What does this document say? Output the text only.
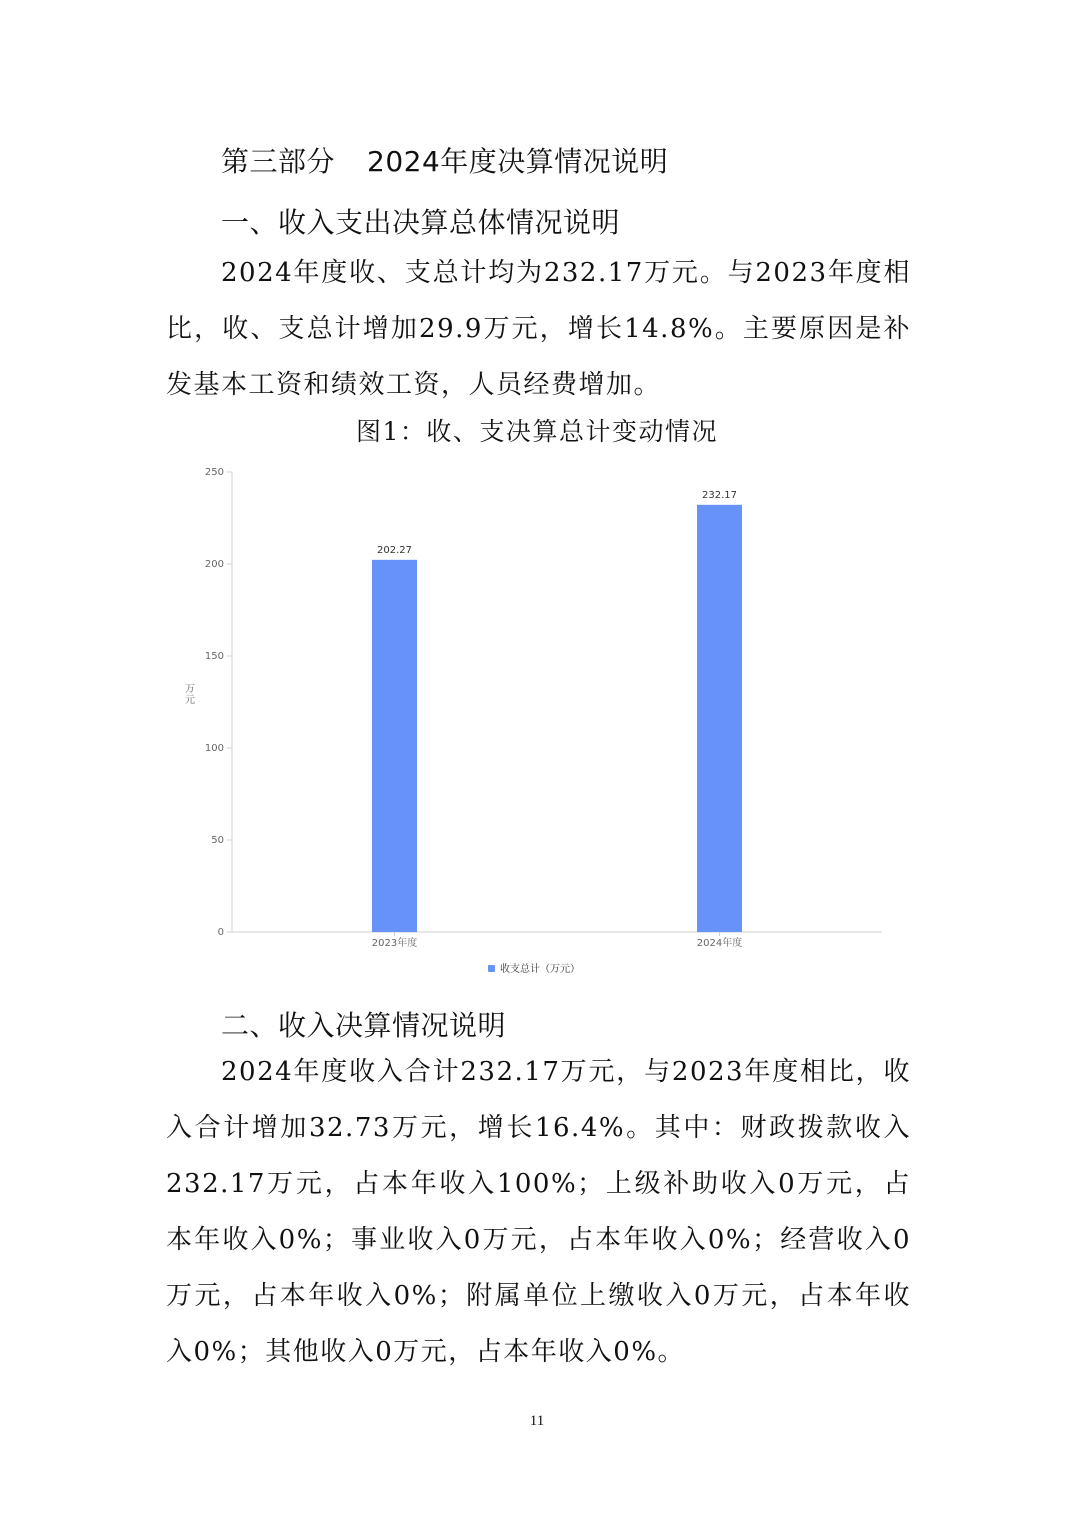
第三部分 2024年度决算情况说明
一、收入支出决算总体情况说明

2024年度收、支总计均为232.17万元。与2023年度相比，收、支总计增加29.9万元，增长14.8%。主要原因是补发基本工资和绩效工资，人员经费增加。

图1：收、支决算总计变动情况

0
50
100
150
200
250
2023年度	2024年度
202.27
232.17
万元
收支总计（万元）
二、收入决算情况说明

2024年度收入合计232.17万元，与2023年度相比，收入合计增加32.73万元，增长16.4%。其中：财政拨款收入232.17万元，占本年收入100%；上级补助收入0万元，占本年收入0%；事业收入0万元，占本年收入0%；经营收入0万元，占本年收入0%；附属单位上缴收入0万元，占本年收入0%；其他收入0万元，占本年收入0%。

11
